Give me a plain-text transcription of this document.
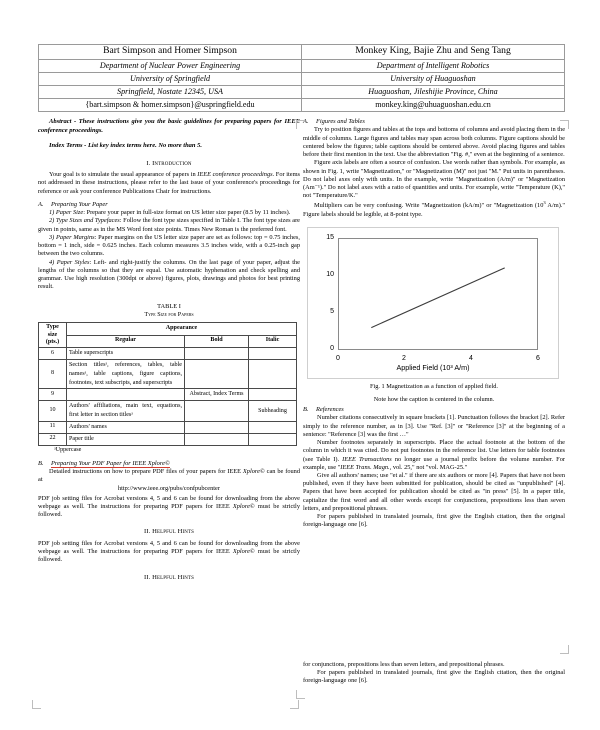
Bart Simpson and Homer Simpson	Monkey King, Bajie Zhu and Seng Tang
Department of Nuclear Power Engineering	Department of Intelligent Robotics
University of Springfield	University of Huaguoshan
Springfield, Nostate 12345, USA	Huaguoshan, Jileshijie Province, China
{bart.simpson & homer.simpson}@uspringfield.edu	monkey.king@uhuaguoshan.edu.cn

Abstract - These instructions give you the basic guidelines for preparing papers for IEEE conference proceedings.

Index Terms - List key index terms here. No more than 5.

I. Introduction

Your goal is to simulate the usual appearance of papers in IEEE conference proceedings. For items not addressed in these instructions, please refer to the last issue of your conference's proceedings for reference or ask your conference Publications Chair for instructions.

A. Preparing Your Paper

1) Paper Size: Prepare your paper in full-size format on US letter size paper (8.5 by 11 inches).

2) Type Sizes and Typefaces: Follow the font type sizes specified in Table I. The font type sizes are given in points, same as in the MS Word font size points. Times New Roman is the preferred font.

3) Paper Margins: Paper margins on the US letter size paper are set as follows: top = 0.75 inches, bottom = 1 inch, side = 0.625 inches. Each column measures 3.5 inches wide, with a 0.25-inch gap between the two columns.

4) Paper Styles: Left- and right-justify the columns. On the last page of your paper, adjust the lengths of the columns so that they are equal. Use automatic hyphenation and check spelling and grammar. Use high resolution (300dpi or above) figures, plots, drawings and photos for best printing result.

TABLE I

Type Size for Papers

Type size (pts.)	Appearance		
	Regular	Bold	Italic
6	Table superscripts		
8	Section titlesᵃ, references, tables, table namesᵃ, table captions, figure captions, footnotes, text subscripts, and superscripts		
9		Abstract, Index Terms	
10	Authors' affiliations, main text, equations, first letter in section titlesᵃ		Subheading
11	Authors' names		
22	Paper title		

ᵃUppercase

B. Preparing Your PDF Paper for IEEE Xplore©

Detailed instructions on how to prepare PDF files of your papers for IEEE Xplore© can be found at

http://www.ieee.org/pubs/confpubcenter

PDF job setting files for Acrobat versions 4, 5 and 6 can be found for downloading from the above webpage as well. The instructions for preparing PDF papers for IEEE Xplore© must be strictly followed.

II. Helpful Hints

PDF job setting files for Acrobat versions 4, 5 and 6 can be found for downloading from the above webpage as well. The instructions for preparing PDF papers for IEEE Xplore© must be strictly followed.

II. Helpful Hints

A. Figures and Tables

Try to position figures and tables at the tops and bottoms of columns and avoid placing them in the middle of columns. Large figures and tables may span across both columns. Figure captions should be centered below the figures; table captions should be centered above. Avoid placing figures and tables before their first mention in the text. Use the abbreviation "Fig. #," even at the beginning of a sentence.

Figure axis labels are often a source of confusion. Use words rather than symbols. For example, as shown in Fig. 1, write "Magnetization," or "Magnetization (M)" not just "M." Put units in parentheses. Do not label axes only with units. In the example, write "Magnetization (A/m)" or "Magnetization (Am⁻¹)." Do not label axes with a ratio of quantities and units. For example, write "Temperature (K)," not "Temperature/K."

Multipliers can be very confusing. Write "Magnetization (kA/m)" or "Magnetization ($10^3$ A/m)." Figure labels should be legible, at 8-point type.

15
10
5
0
0	2	4	6
Applied Field (10³ A/m)

Fig. 1 Magnetization as a function of applied field.

Note how the caption is centered in the column.

B. References

Number citations consecutively in square brackets [1]. Punctuation follows the bracket [2]. Refer simply to the reference number, as in [3]. Use "Ref. [3]" or "Reference [3]" at the beginning of a sentence: "Reference [3] was the first …"

Number footnotes separately in superscripts. Place the actual footnote at the bottom of the column in which it was cited. Do not put footnotes in the reference list. Use letters for table footnotes (see Table I). IEEE Transactions no longer use a journal prefix before the volume number. For example, use "IEEE Trans. Magn., vol. 25," not "vol. MAG-25."

Give all authors' names; use "et al." if there are six authors or more [4]. Papers that have not been published, even if they have been submitted for publication, should be cited as "unpublished" [4]. Papers that have been accepted for publication should be cited as "in press" [5]. In a paper title, capitalize the first word and all other words except for conjunctions, prepositions less than seven letters, and prepositional phrases.

For papers published in translated journals, first give the English citation, then the original foreign-language one [6].

for conjunctions, prepositions less than seven letters, and prepositional phrases.

For papers published in translated journals, first give the English citation, then the original foreign-language one [6].
